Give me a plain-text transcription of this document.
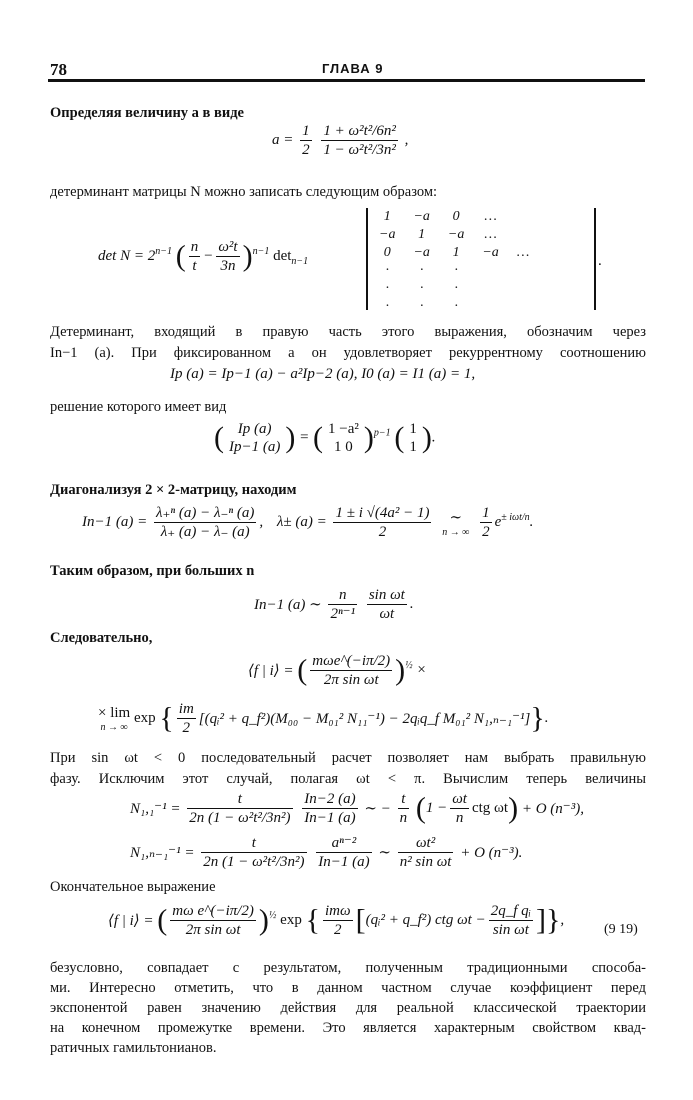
78	ГЛАВА 9
Определяя величину a в виде
$a = \frac{1}{2}$
$\frac{\text{1 + ω²t²/6n²}}{\text{1 − ω²t²/3n²}}$ ,
детерминант матрицы N можно записать следующим образом:
$\det N = 2^{n-1}$ ( $\frac{n}{t} - \frac{\text{ω²t}}{3n} )^{n-1}$ $\det_{n-1}$
1	−a	0	…	
−a	1	−a	…	
0	−a	1	−a	…
·	·	·		
·	·	·		
·	·	·		
.
Детерминант, входящий в правую часть этого выражения, обозначим через
In−1 (a). При фиксированном a он удовлетворяет рекуррентному соотношению
Ip (a) = Ip−1 (a) − a²Ip−2 (a), I0 (a) = I1 (a) = 1,
решение которого имеет вид
( Ip (a)
Ip−1 (a) ) = ( 1 −a²
1 0 )$^{p-1}$ ( 1
1 ).
Диагонализуя 2 × 2-матрицу, находим
In−1 $(a) = \frac{\text{λ₊ⁿ (a) − λ₋ⁿ (a)}}{\lambda_+ (a) - \lambda_- (a)}$ , $\lambda\pm (a) = \frac{\text{1 ± i √(4a² − 1)}}{2}$
	∼
n → ∞
$\frac{1}{2} e^{\pm i\omega t/n}$.
Таким образом, при больших n
In−1 (a) ∼ $\frac{n}{\text{2ⁿ⁻¹}}$
$\frac{\text{sin ωt}}{\omega t}$ .
Следовательно,
⟨f | i⟩ = ( $\frac{\text{mωe\textasciicircum{}(−iπ/2)}}{\text{2π sin ωt}} )^{\frac{1}{2}}$ ×
× lim
n → ∞
exp { $\frac{im}{2}$ [(qᵢ² + q_f²)(M₀₀ − M₀₁² N₁₁⁻¹) − 2qᵢq_f M₀₁² N₁,ₙ₋₁⁻¹]}.
При sin ωt < 0 последовательный расчет позволяет нам выбрать правильную
фазу. Исключим этот случай, полагая ωt < π. Вычислим теперь величины
$N_1,_1^{-1} = \frac{t}{\text{2n (1 − ω²t²/3n²)}}$
$\frac{In-2 (a)}{In-1 (a)}$ ∼ − $\frac{t}{n} (1 - \frac{\omega t}{n}$ ctg ωt) + O (n⁻³),
$N_1,_{n-1}^{-1} = \frac{t}{\text{2n (1 − ω²t²/3n²)}}$
$\frac{\text{aⁿ⁻²}}{In-1 (a)}$ ∼ $\frac{\text{ωt²}}{\text{n² sin ωt}} + O$ (n⁻³).
Окончательное выражение
⟨f | i⟩ = ( $\frac{\text{mω e\textasciicircum{}(−iπ/2)}}{\text{2π sin ωt}} )^{\frac{1}{2}}$ exp { $\frac{\text{imω}}{2}$ [(qᵢ² + q_f²) ctg $\omega t - \frac{\text{2q\_f qᵢ}}{\text{sin ωt}}$ ]},
(9 19)
безусловно, совпадает с результатом, полученным традиционными способа-
ми. Интересно отметить, что в данном частном случае коэффициент перед
экспонентой равен значению действия для реальной классической траектории
на конечном промежутке времени. Это является характерным свойством квад-
ратичных гамильтонианов.
